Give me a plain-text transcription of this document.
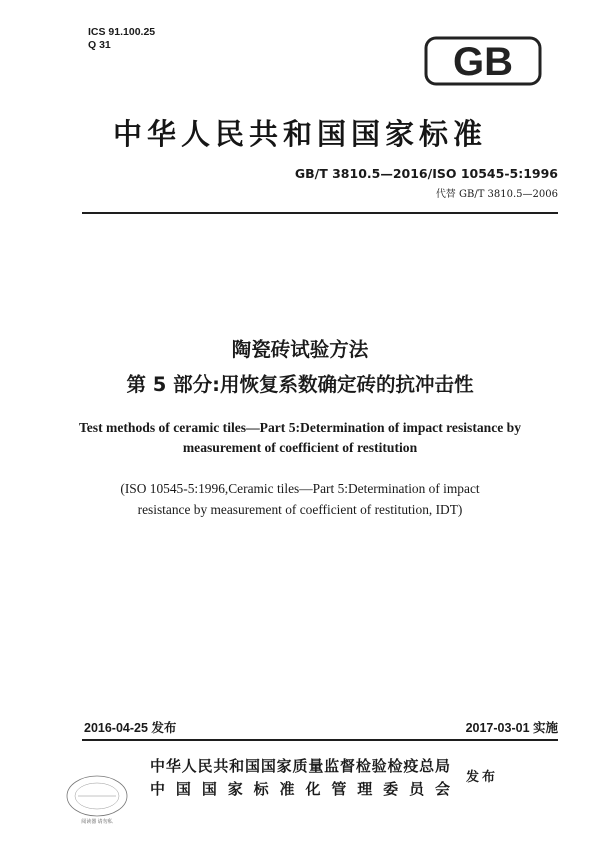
ICS 91.100.25
Q 31	GB
中华人民共和国国家标准
GB/T 3810.5—2016/ISO 10545-5:1996
代替 GB/T 3810.5—2006
陶瓷砖试验方法
第 5 部分:用恢复系数确定砖的抗冲击性
Test methods of ceramic tiles—Part 5:Determination of impact resistance by
measurement of coefficient of restitution
(ISO 10545-5:1996,Ceramic tiles—Part 5:Determination of impact
resistance by measurement of coefficient of restitution, IDT)
2016-04-25 发布	2017-03-01 实施
中华人民共和国国家质量监督检验检疫总局
中国国家标准化管理委员会
发布
阅读器 请勿私
